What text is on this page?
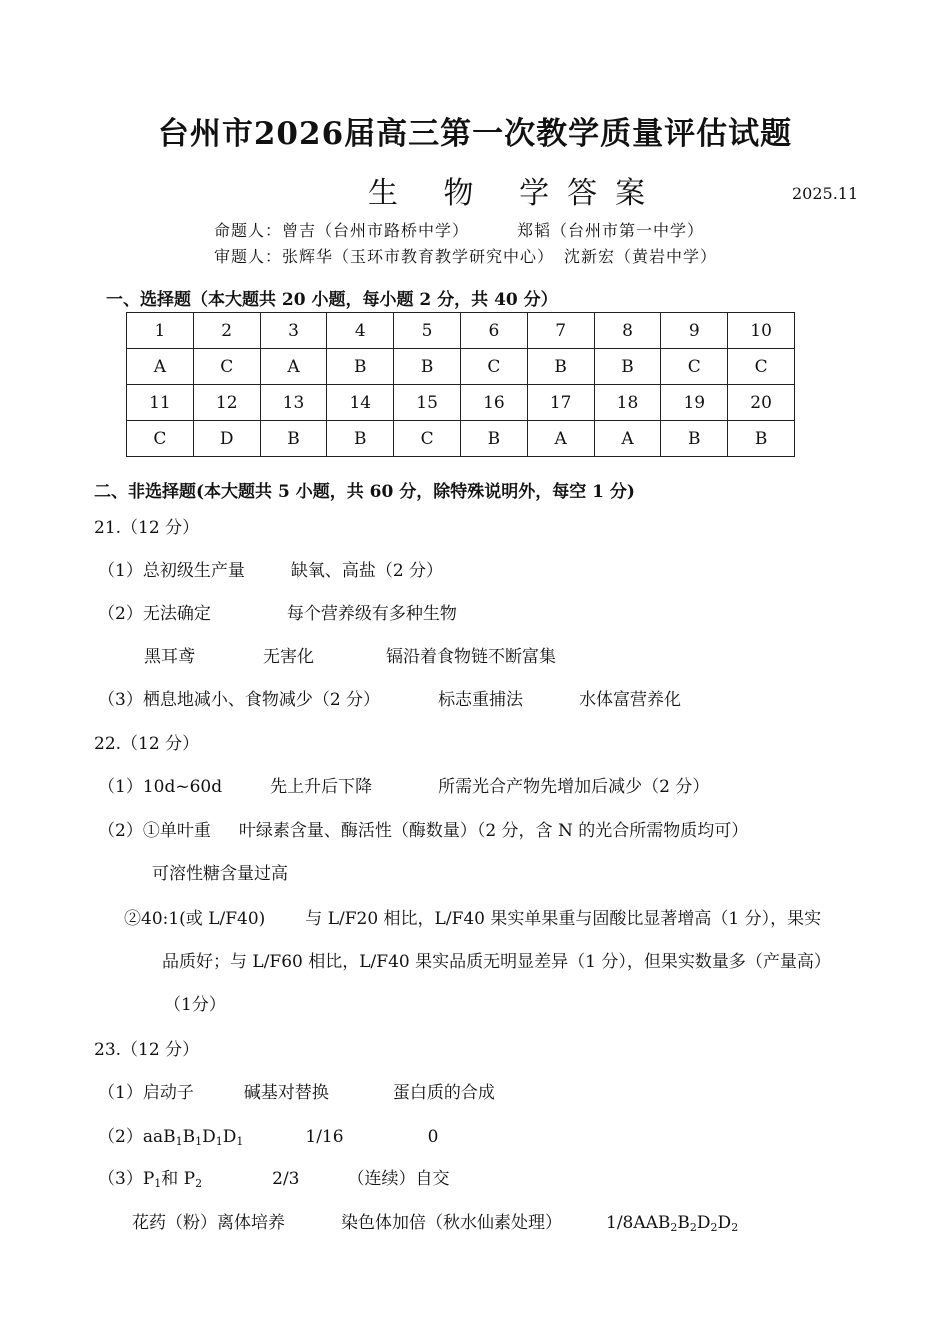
台州市2026届高三第一次教学质量评估试题
生 物 学答案	2025.11
命题人：曾吉（台州市路桥中学）	郑韬（台州市第一中学）
审题人：张辉华（玉环市教育教学研究中心） 沈新宏（黄岩中学）
一、选择题（本大题共 20 小题，每小题 2 分，共 40 分）
1	2	3	4	5	6	7	8	9	10
A	C	A	B	B	C	B	B	C	C
11	12	13	14	15	16	17	18	19	20
C	D	B	B	C	B	A	A	B	B
二、非选择题(本大题共 5 小题，共 60 分，除特殊说明外，每空 1 分)
21.（12 分）
（1）总初级生产量	缺氧、高盐（2 分）
（2）无法确定	每个营养级有多种生物
黑耳鸢	无害化	镉沿着食物链不断富集
（3）栖息地减小、食物减少（2 分）	标志重捕法	水体富营养化
22.（12 分）
（1）10d~60d	先上升后下降	所需光合产物先增加后减少（2 分）
（2）①单叶重 叶绿素含量、酶活性（酶数量）（2 分，含 N 的光合所需物质均可）
可溶性糖含量过高
②40:1(或 L/F40) 与 L/F20 相比，L/F40 果实单果重与固酸比显著增高（1 分），果实
品质好；与 L/F60 相比，L/F40 果实品质无明显差异（1 分），但果实数量多（产量高）
（1分）
23.（12 分）
（1）启动子	碱基对替换	蛋白质的合成
$(2)aaB_1B_1D_1D_1$	1/16	0
$(3)P_1$和 $P_2$	2/3	（连续）自交
花药（粉）离体培养	染色体加倍（秋水仙素处理）	$1/8AAB_2B_2D_2D_2$
